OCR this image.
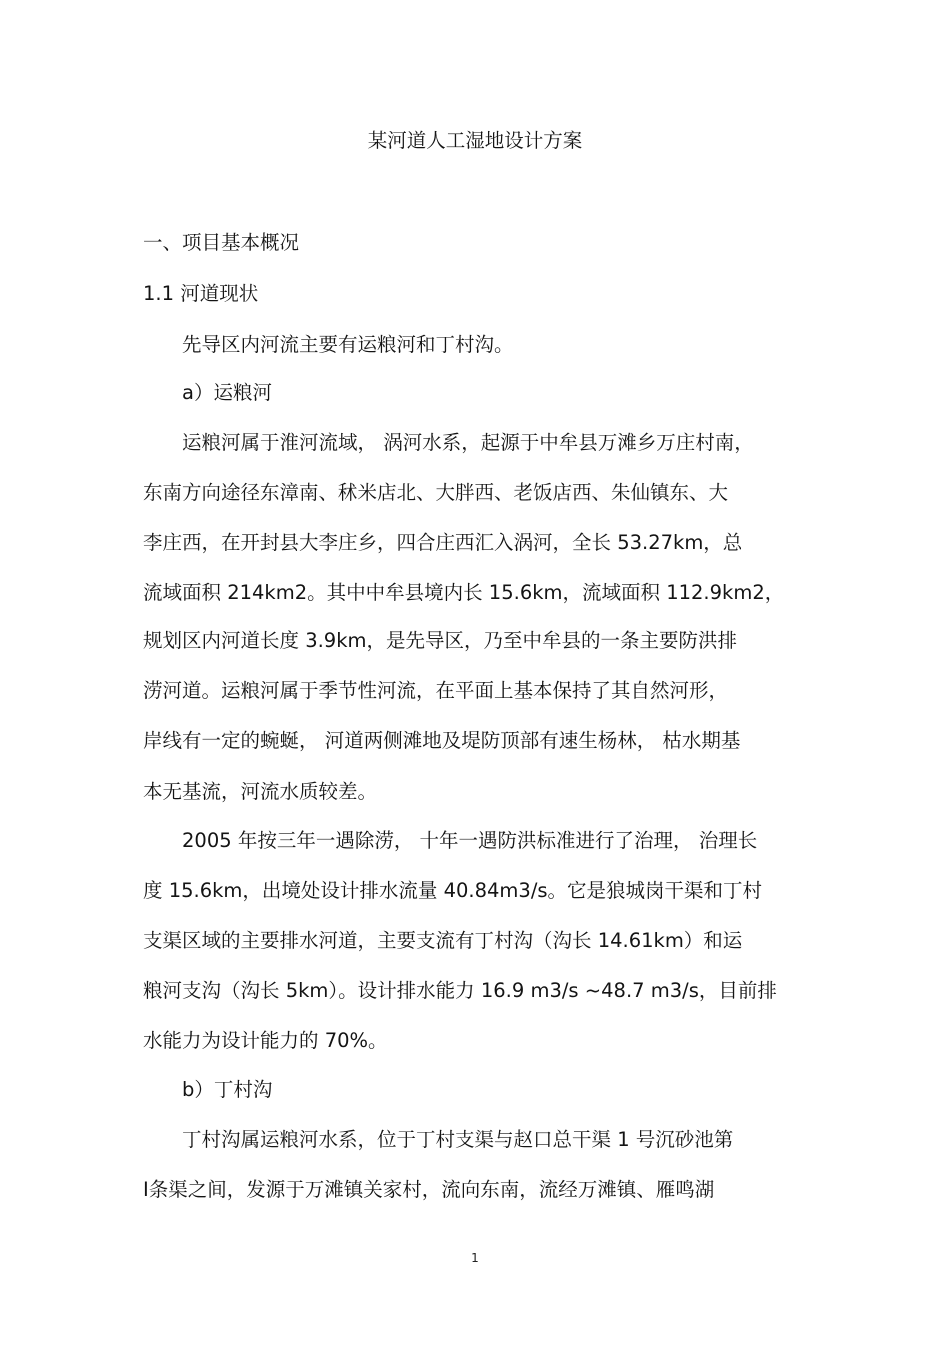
某河道人工湿地设计方案
一、项目基本概况
1.1 河道现状
先导区内河流主要有运粮河和丁村沟。
a）运粮河
运粮河属于淮河流域， 涡河水系，起源于中牟县万滩乡万庄村南，
东南方向途径东漳南、秫米店北、大胖西、老饭店西、朱仙镇东、大
李庄西，在开封县大李庄乡，四合庄西汇入涡河，全长 53.27km，总
流域面积 214km2。其中中牟县境内长 15.6km，流域面积 112.9km2，
规划区内河道长度 3.9km，是先导区，乃至中牟县的一条主要防洪排
涝河道。运粮河属于季节性河流，在平面上基本保持了其自然河形，
岸线有一定的蜿蜒， 河道两侧滩地及堤防顶部有速生杨林， 枯水期基
本无基流，河流水质较差。
2005 年按三年一遇除涝， 十年一遇防洪标准进行了治理， 治理长
度 15.6km，出境处设计排水流量 40.84m3/s。它是狼城岗干渠和丁村
支渠区域的主要排水河道，主要支流有丁村沟（沟长 14.61km）和运
粮河支沟（沟长 5km）。设计排水能力 16.9 m3/s ~48.7 m3/s，目前排
水能力为设计能力的 70%。
b）丁村沟
丁村沟属运粮河水系，位于丁村支渠与赵口总干渠 1 号沉砂池第
Ⅰ条渠之间，发源于万滩镇关家村，流向东南，流经万滩镇、雁鸣湖
1
